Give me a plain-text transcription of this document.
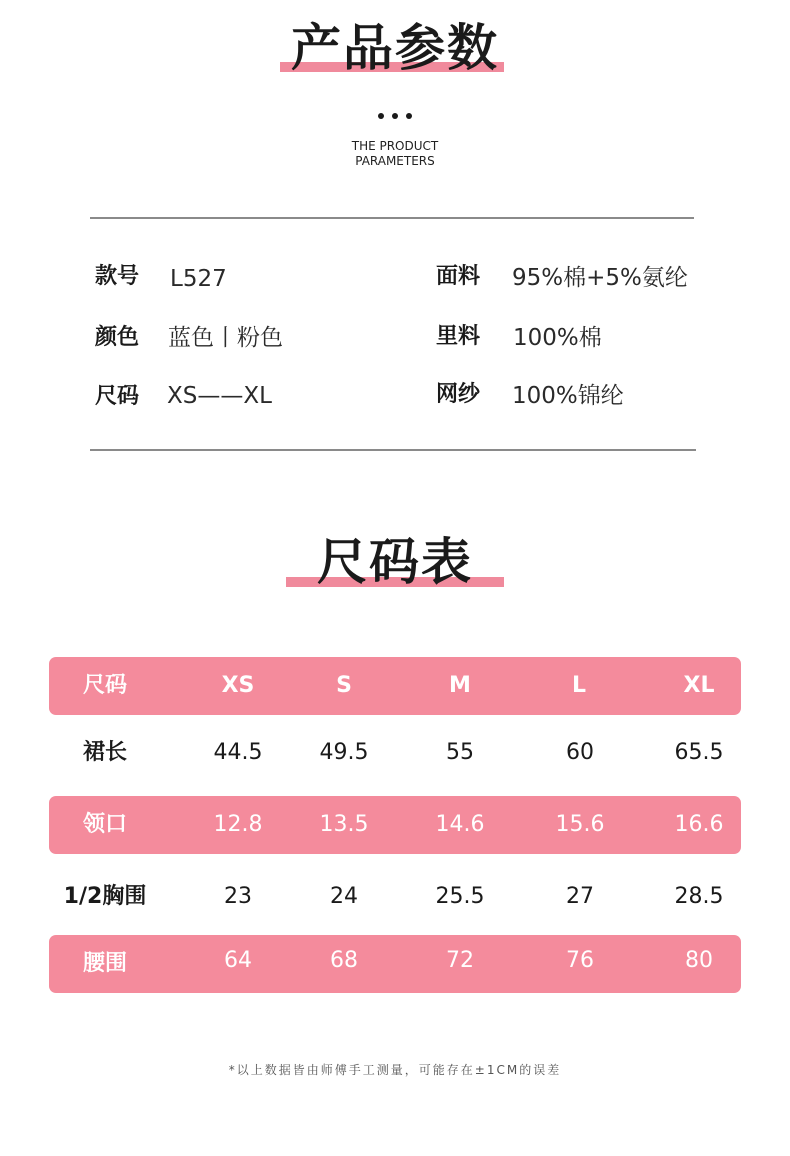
产品参数
THE PRODUCT
PARAMETERS
款号 L527	面料 95%棉+5%氨纶
颜色 蓝色丨粉色	里料 100%棉
尺码 XS——XL	网纱 100%锦纶
尺码表
尺码	XS	S	M	L	XL
裙长	44.5	49.5	55	60	65.5
领口	12.8	13.5	14.6	15.6	16.6
1/2胸围	23	24	25.5	27	28.5
腰围	64	68	72	76	80
*以上数据皆由师傅手工测量，可能存在±1CM的误差
